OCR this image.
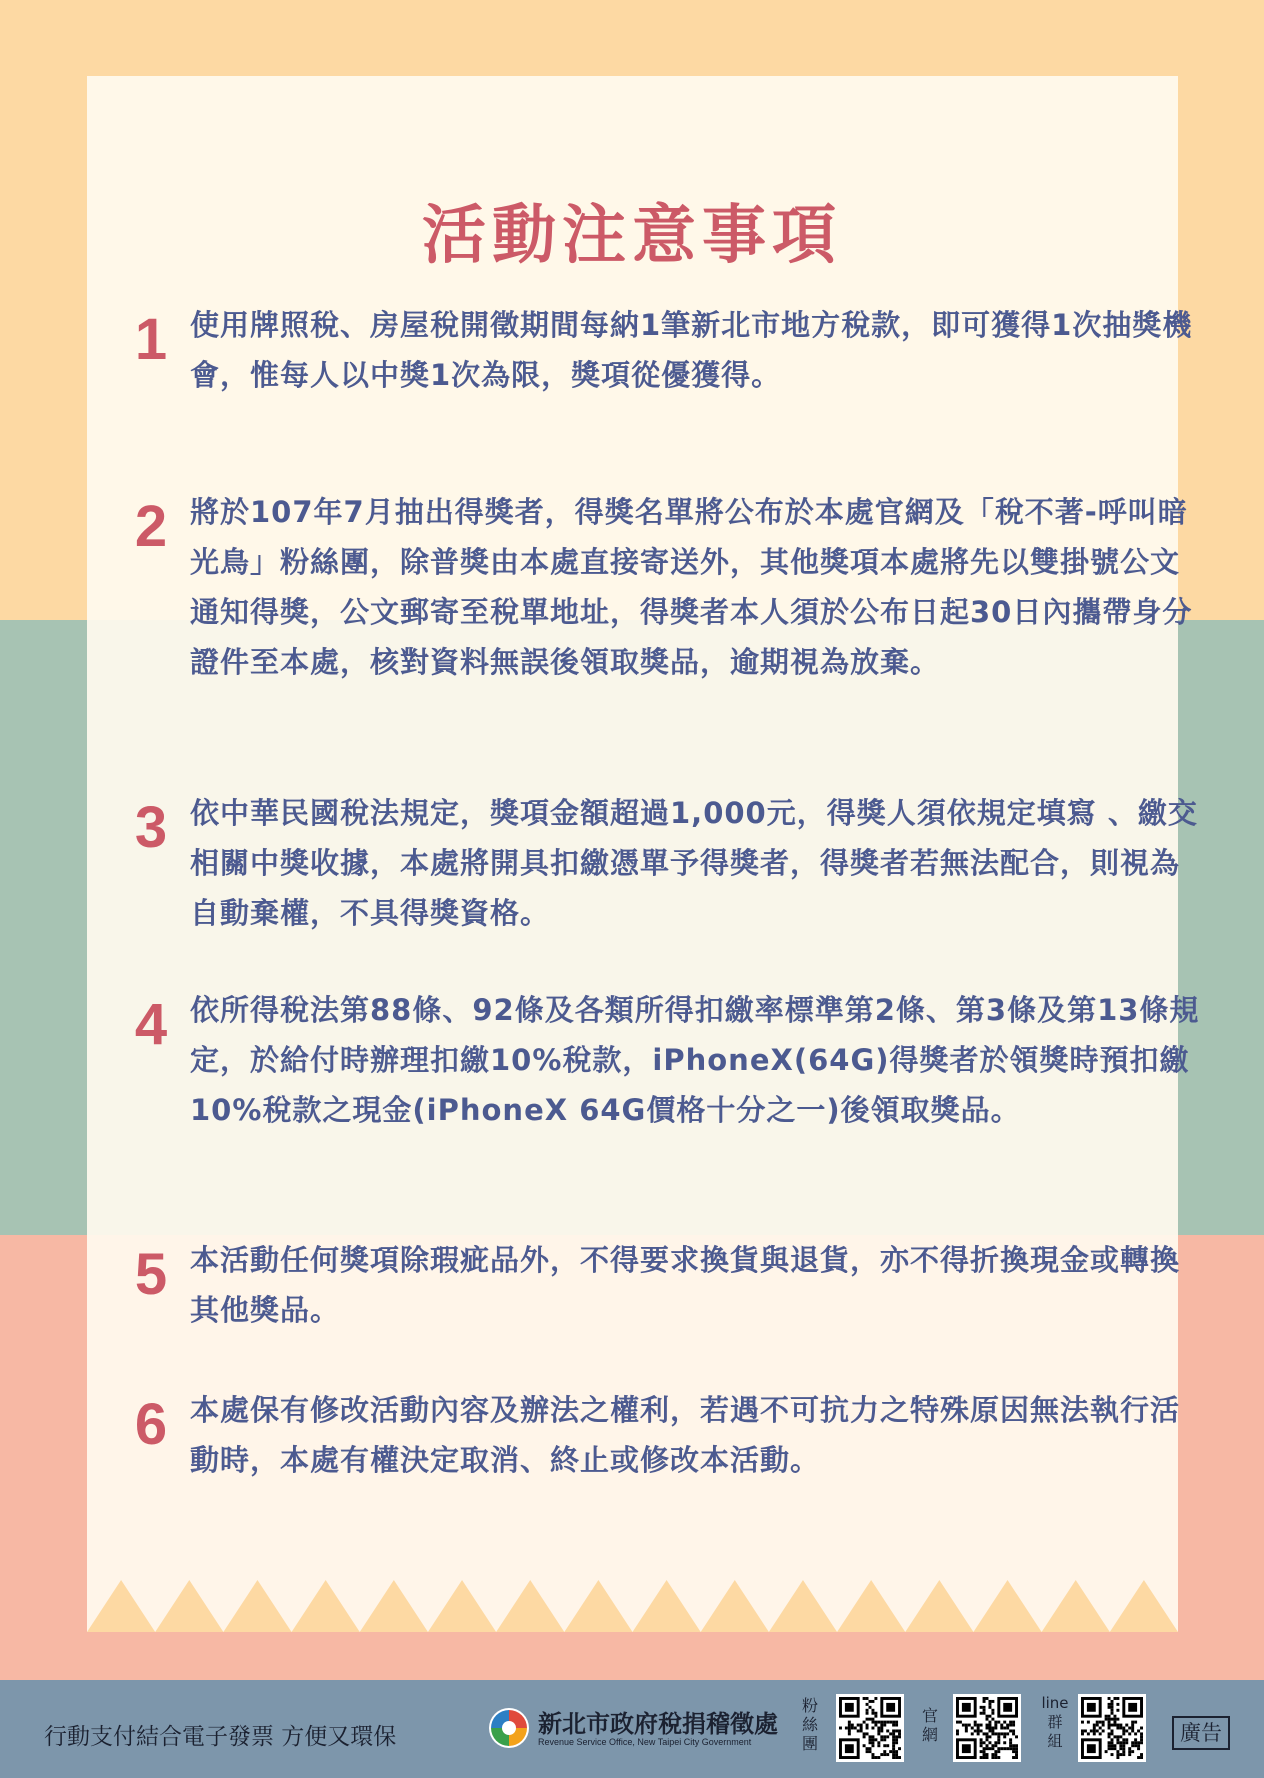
活動注意事項
1 使用牌照稅、房屋稅開徵期間每納1筆新北市地方稅款，即可獲得1次抽獎機會，惟每人以中獎1次為限，獎項從優獲得。
2 將於107年7月抽出得獎者，得獎名單將公布於本處官網及「稅不著-呼叫暗光鳥」粉絲團，除普獎由本處直接寄送外，其他獎項本處將先以雙掛號公文通知得獎，公文郵寄至稅單地址，得獎者本人須於公布日起30日內攜帶身分證件至本處，核對資料無誤後領取獎品，逾期視為放棄。
3 依中華民國稅法規定，獎項金額超過1,000元，得獎人須依規定填寫 、繳交相關中獎收據，本處將開具扣繳憑單予得獎者，得獎者若無法配合，則視為自動棄權，不具得獎資格。
4 依所得稅法第88條、92條及各類所得扣繳率標準第2條、第3條及第13條規定，於給付時辦理扣繳10%稅款，iPhoneX(64G)得獎者於領獎時預扣繳10%稅款之現金(iPhoneX 64G價格十分之一)後領取獎品。
5 本活動任何獎項除瑕疵品外，不得要求換貨與退貨，亦不得折換現金或轉換其他獎品。
6 本處保有修改活動內容及辦法之權利，若遇不可抗力之特殊原因無法執行活動時，本處有權決定取消、終止或修改本活動。
行動支付結合電子發票 方便又環保	新北市政府稅捐稽徵處
Revenue Service Office, New Taipei City Government
粉
絲
團
官
網
line
群
組	廣告
